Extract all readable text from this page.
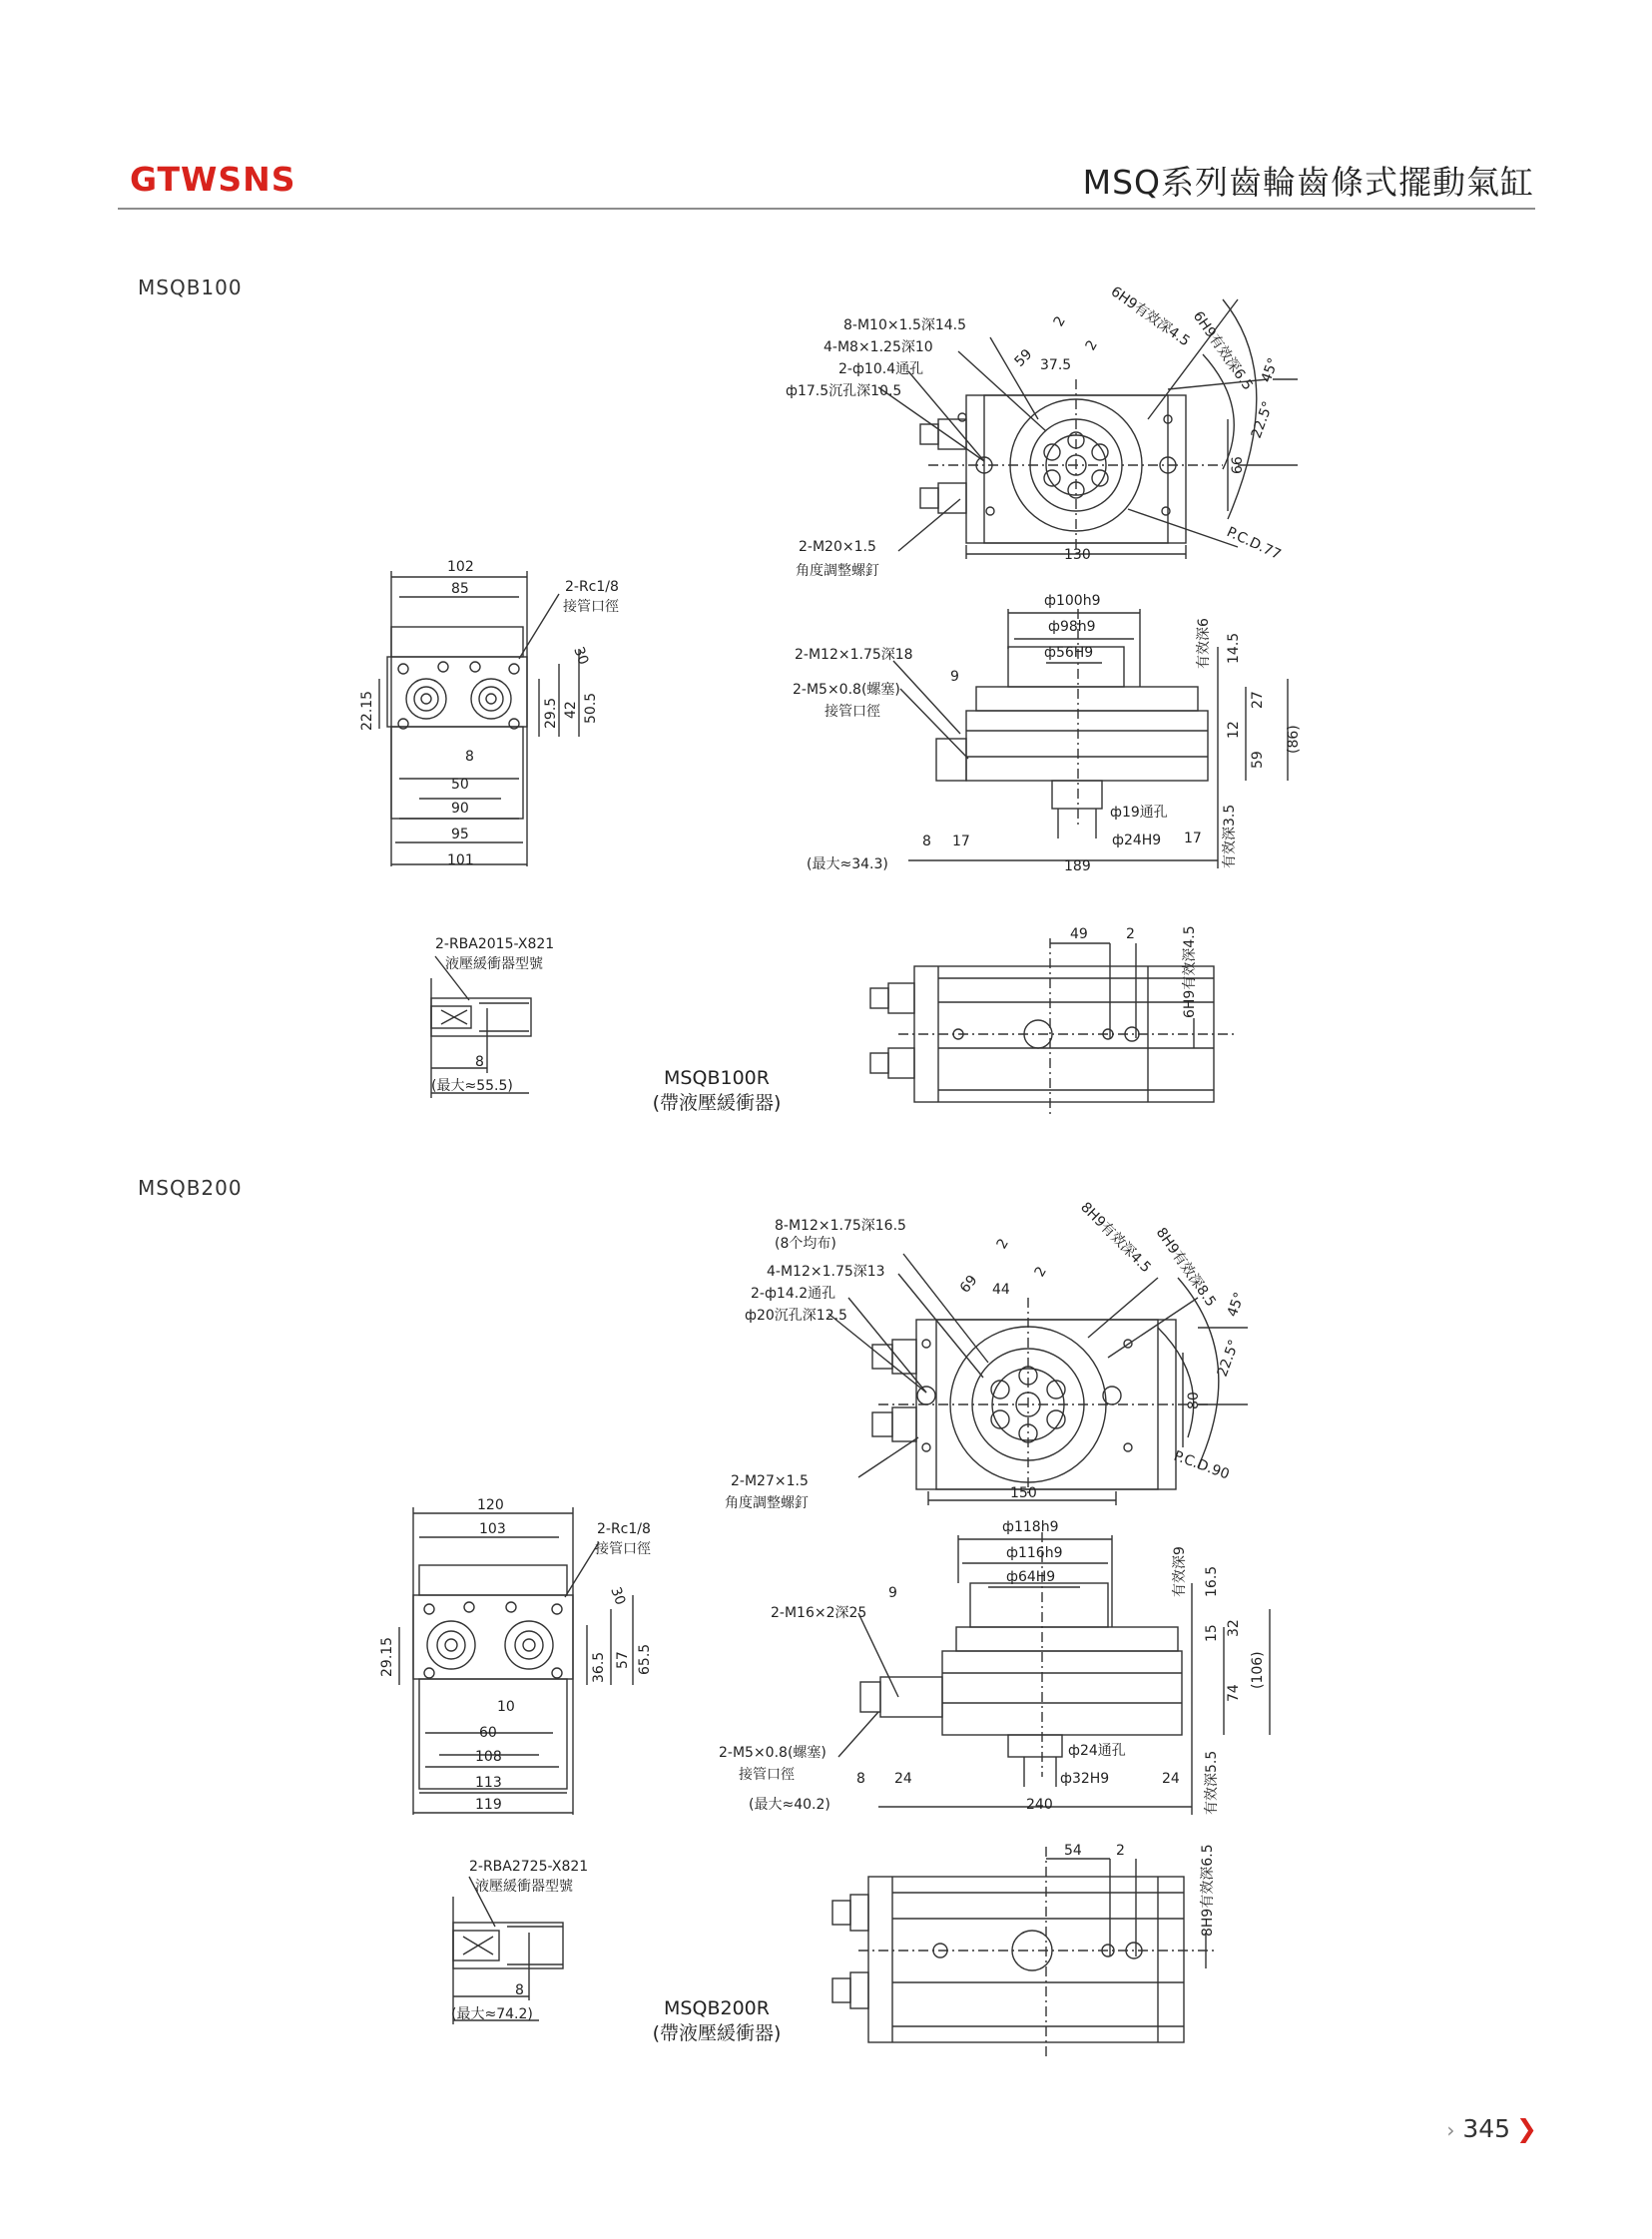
GTWSNS	MSQ系列齒輪齒條式擺動氣缸
MSQB100
MSQB200
8-M10×1.5深14.5
4-M8×1.25深10
2-ф10.4通孔
ф17.5沉孔深10.5
2-M20×1.5
角度調整螺釘
59 37.5
2
2 6H9有效深4.5
6H9有效深6.5 45°
22.5°
66
130	P.C.D.77
102
85	2-Rc1/8
接管口徑
30
22.15	29.5 42 50.5
8
50
90
95
101
ф100h9
ф98h9
ф56H9	有效深6
2-M12×1.75深18
9
2-M5×0.8(螺塞)
接管口徑
14.5
27
12
59
(86)
ф19通孔
ф24H9 17 有效深3.5
8 17
(最大≈34.3)	189
2-RBA2015-X821
液壓緩衝器型號
8
(最大≈55.5)
49	2	6H9有效深4.5
8-M12×1.75深16.5
(8个均布)
4-M12×1.75深13
2-ф14.2通孔
ф20沉孔深12.5
2-M27×1.5
角度調整螺釘
69 44
2
2 8H9有效深4.5
8H9有效深8.5 45°
22.5°
80
150
P.C.D.90
120
103	2-Rc1/8
接管口徑
30
29.15	36.5 57 65.5
10
60
108
113
119
ф118h9
ф116h9
ф64H9	有效深9
2-M16×2深25
9
2-M5×0.8(螺塞)
接管口徑
16.5
32
15
74
(106)
ф24通孔
ф32H9	24 有效深5.5
8 24
(最大≈40.2)	240
2-RBA2725-X821
液壓緩衝器型號
8
(最大≈74.2)
54 2	8H9有效深6.5
MSQB100R
(帶液壓緩衝器)
MSQB200R
(帶液壓緩衝器)
› 345 ❯
